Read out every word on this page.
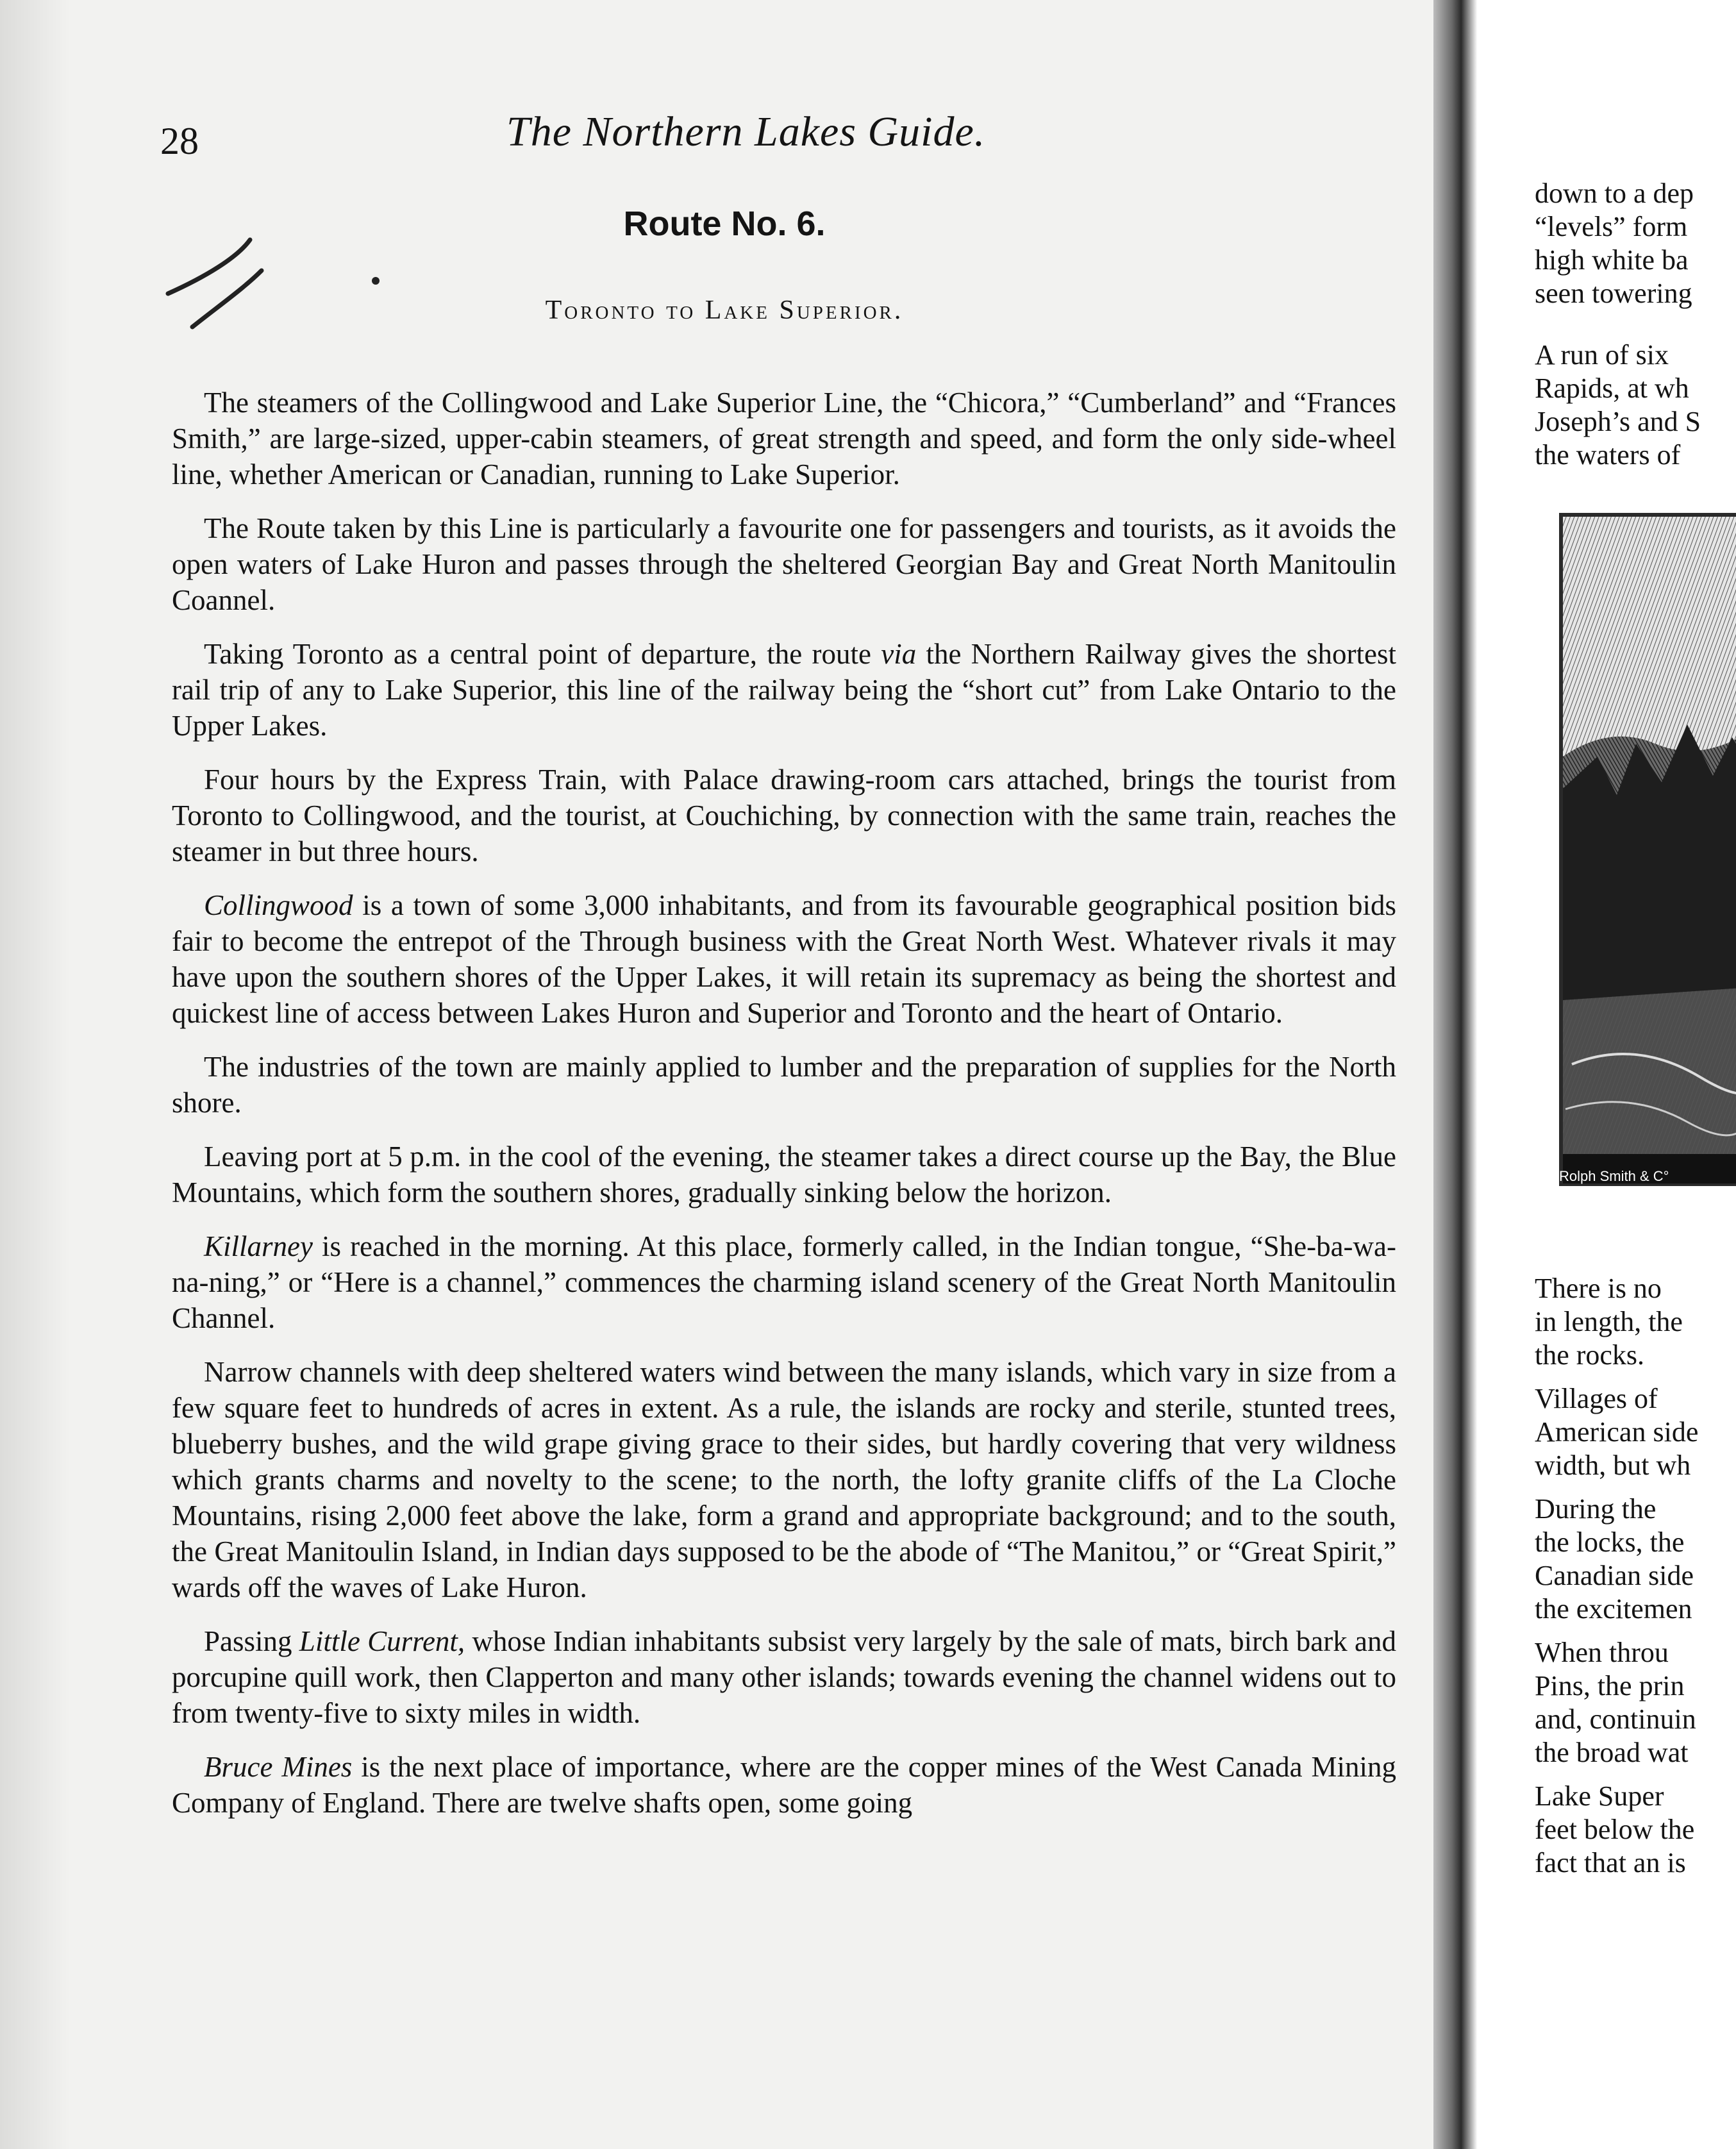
28	The Northern Lakes Guide.

Route No. 6.

Toronto to Lake Superior.

The steamers of the Collingwood and Lake Superior Line, the “Chicora,” “Cumberland” and “Frances Smith,” are large-sized, upper-cabin steamers, of great strength and speed, and form the only side-wheel line, whether American or Canadian, running to Lake Superior.

The Route taken by this Line is particularly a favourite one for passengers and tourists, as it avoids the open waters of Lake Huron and passes through the sheltered Georgian Bay and Great North Manitoulin Coannel.

Taking Toronto as a central point of departure, the route via the Northern Railway gives the shortest rail trip of any to Lake Superior, this line of the railway being the “short cut” from Lake Ontario to the Upper Lakes.

Four hours by the Express Train, with Palace drawing-room cars attached, brings the tourist from Toronto to Collingwood, and the tourist, at Couchiching, by connection with the same train, reaches the steamer in but three hours.

Collingwood is a town of some 3,000 inhabitants, and from its favourable geographical position bids fair to become the entrepot of the Through business with the Great North West. Whatever rivals it may have upon the southern shores of the Upper Lakes, it will retain its supremacy as being the shortest and quickest line of access between Lakes Huron and Superior and Toronto and the heart of Ontario.

The industries of the town are mainly applied to lumber and the preparation of supplies for the North shore.

Leaving port at 5 p.m. in the cool of the evening, the steamer takes a direct course up the Bay, the Blue Mountains, which form the southern shores, gradually sinking below the horizon.

Killarney is reached in the morning. At this place, formerly called, in the Indian tongue, “She-ba-wa-na-ning,” or “Here is a channel,” commences the charming island scenery of the Great North Manitoulin Channel.

Narrow channels with deep sheltered waters wind between the many islands, which vary in size from a few square feet to hundreds of acres in extent. As a rule, the islands are rocky and sterile, stunted trees, blueberry bushes, and the wild grape giving grace to their sides, but hardly covering that very wildness which grants charms and novelty to the scene; to the north, the lofty granite cliffs of the La Cloche Mountains, rising 2,000 feet above the lake, form a grand and appropriate background; and to the south, the Great Manitoulin Island, in Indian days supposed to be the abode of “The Manitou,” or “Great Spirit,” wards off the waves of Lake Huron.

Passing Little Current, whose Indian inhabitants subsist very largely by the sale of mats, birch bark and porcupine quill work, then Clapperton and many other islands; towards evening the channel widens out to from twenty-five to sixty miles in width.

Bruce Mines is the next place of importance, where are the copper mines of the West Canada Mining Company of England. There are twelve shafts open, some going

down to a dep
“levels” form
high white ba
seen towering
A run of six
Rapids, at wh
Joseph’s and S
the waters of
Rolph Smith & C°

There is no
in length, the
the rocks.

Villages of
American side
width, but wh

During the
the locks, the
Canadian side
the excitemen

When throu
Pins, the prin
and, continuin
the broad wat

Lake Super
feet below the
fact that an is
